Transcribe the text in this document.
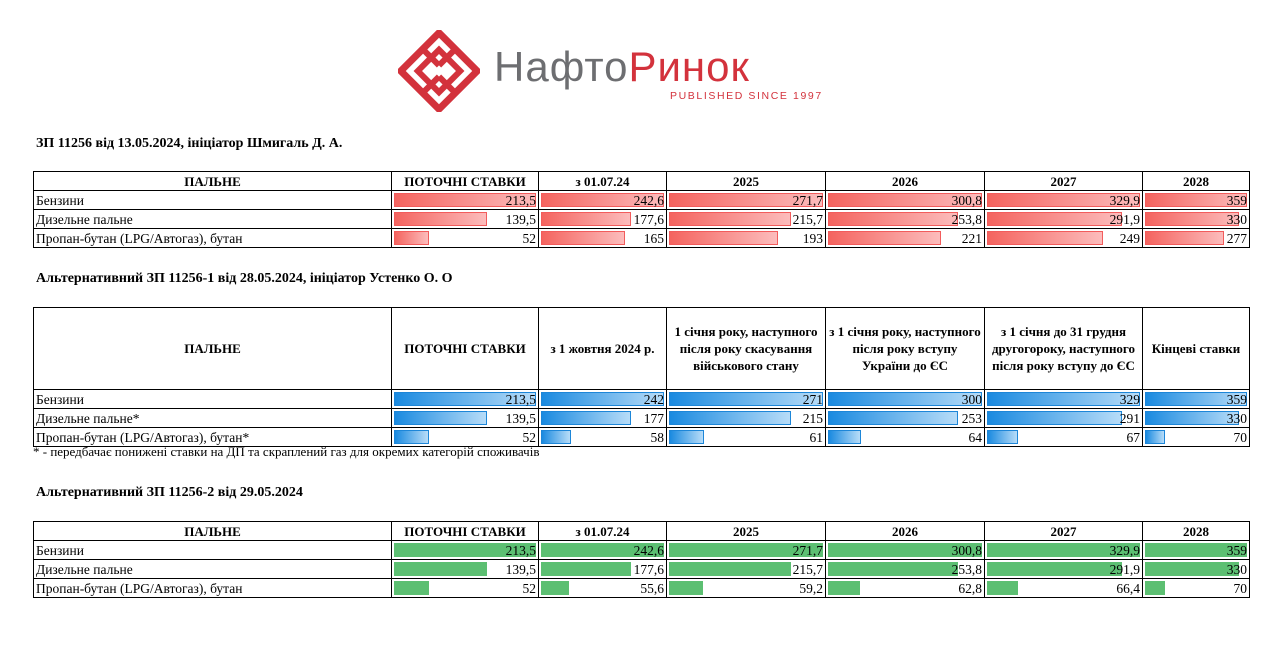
НафтоРинок
PUBLISHED SINCE 1997
ЗП 11256 від 13.05.2024, ініціатор Шмигаль Д. А.
ПАЛЬНЕ	ПОТОЧНІ СТАВКИ	з 01.07.24	2025	2026	2027	2028
Бензини	213,5	242,6	271,7	300,8	329,9	359
Дизельне пальне	139,5	177,6	215,7	253,8	291,9	330
Пропан-бутан (LPG/Автогаз), бутан	52	165	193	221	249	277
Альтернативний ЗП 11256-1 від 28.05.2024, ініціатор Устенко О. О
ПАЛЬНЕ	ПОТОЧНІ СТАВКИ	з 1 жовтня 2024 р.	1 січня року, наступного після року скасування військового стану	з 1 січня року, наступного після року вступу України до ЄС	з 1 січня до 31 грудня другогороку, наступного після року вступу до ЄС	Кінцеві ставки
Бензини	213,5	242	271	300	329	359
Дизельне пальне*	139,5	177	215	253	291	330
Пропан-бутан (LPG/Автогаз), бутан*	52	58	61	64	67	70
* - передбачає понижені ставки на ДП та скраплений газ для окремих категорій споживачів
Альтернативний ЗП 11256-2 від 29.05.2024
ПАЛЬНЕ	ПОТОЧНІ СТАВКИ	з 01.07.24	2025	2026	2027	2028
Бензини	213,5	242,6	271,7	300,8	329,9	359
Дизельне пальне	139,5	177,6	215,7	253,8	291,9	330
Пропан-бутан (LPG/Автогаз), бутан	52	55,6	59,2	62,8	66,4	70
